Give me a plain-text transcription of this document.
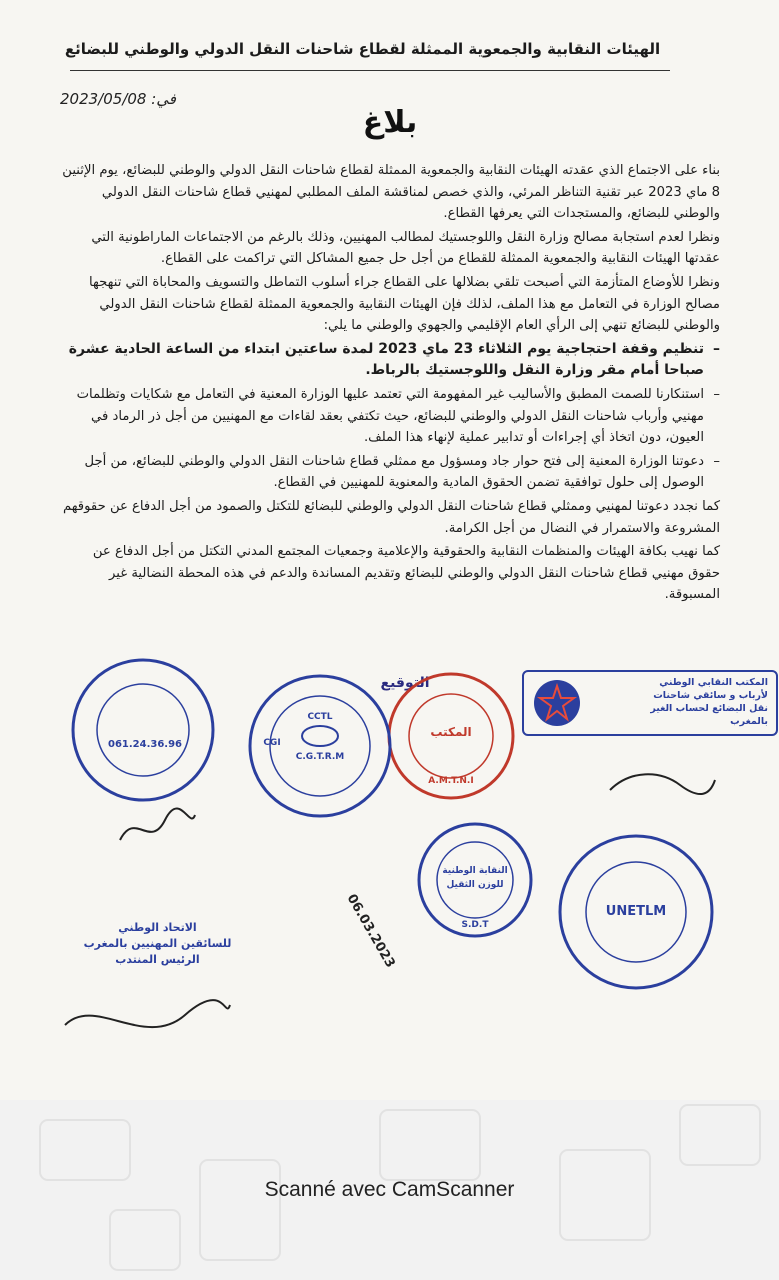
الهيئات النقابية والجمعوية الممثلة لقطاع شاحنات النقل الدولي والوطني للبضائع
في: 2023/05/08
بلاغ

بناء على الاجتماع الذي عقدته الهيئات النقابية والجمعوية الممثلة لقطاع شاحنات النقل الدولي والوطني للبضائع، يوم الإثنين 8 ماي 2023 عبر تقنية التناظر المرئي، والذي خصص لمناقشة الملف المطلبي لمهنيي قطاع شاحنات النقل الدولي والوطني للبضائع، والمستجدات التي يعرفها القطاع.

ونظرا لعدم استجابة مصالح وزارة النقل واللوجستيك لمطالب المهنيين، وذلك بالرغم من الاجتماعات الماراطونية التي عقدتها الهيئات النقابية والجمعوية الممثلة للقطاع من أجل حل جميع المشاكل التي تراكمت على القطاع.

ونظرا للأوضاع المتأزمة التي أصبحت تلقي بضلالها على القطاع جراء أسلوب التماطل والتسويف والمحاباة التي تنهجها مصالح الوزارة في التعامل مع هذا الملف، لذلك فإن الهيئات النقابية والجمعوية الممثلة لقطاع شاحنات النقل الدولي والوطني للبضائع تنهي إلى الرأي العام الإقليمي والجهوي والوطني ما يلي:

– تنظيم وقفة احتجاجية يوم الثلاثاء 23 ماي 2023 لمدة ساعتين ابتداء من الساعة الحادية عشرة صباحا أمام مقر وزارة النقل واللوجستيك بالرباط.

– استنكارنا للصمت المطبق والأساليب غير المفهومة التي تعتمد عليها الوزارة المعنية في التعامل مع شكايات وتظلمات مهنيي وأرباب شاحنات النقل الدولي والوطني للبضائع، حيث تكتفي بعقد لقاءات مع المهنيين من أجل ذر الرماد في العيون، دون اتخاذ أي إجراءات أو تدابير عملية لإنهاء هذا الملف.

– دعوتنا الوزارة المعنية إلى فتح حوار جاد ومسؤول مع ممثلي قطاع شاحنات النقل الدولي والوطني للبضائع، من أجل الوصول إلى حلول توافقية تضمن الحقوق المادية والمعنوية للمهنيين في القطاع.

كما نجدد دعوتنا لمهنيي وممثلي قطاع شاحنات النقل الدولي والوطني للبضائع للتكتل والصمود من أجل الدفاع عن حقوقهم المشروعة والاستمرار في النضال من أجل الكرامة.

كما نهيب بكافة الهيئات والمنظمات النقابية والحقوقية والإعلامية وجمعيات المجتمع المدني التكتل من أجل الدفاع عن حقوق مهنيي قطاع شاحنات النقل الدولي والوطني للبضائع وتقديم المساندة والدعم في هذه المحطة النضالية غير المسبوقة.

التوقيع	المكتب النقابي الوطني
لأرباب و سائقي شاحنات
نقل البضائع لحساب الغير
بالمغرب
المكتب
A.M.T.N.I
CCTL
C.G.T.R.M
CGI
061.24.36.96
النقابة الوطنية
للوزن الثقيل
S.D.T
06.03.2023	UNETLM
الاتحاد الوطني
للسائقين المهنيين بالمغرب
الرئيس المنتدب
Scanné avec CamScanner
